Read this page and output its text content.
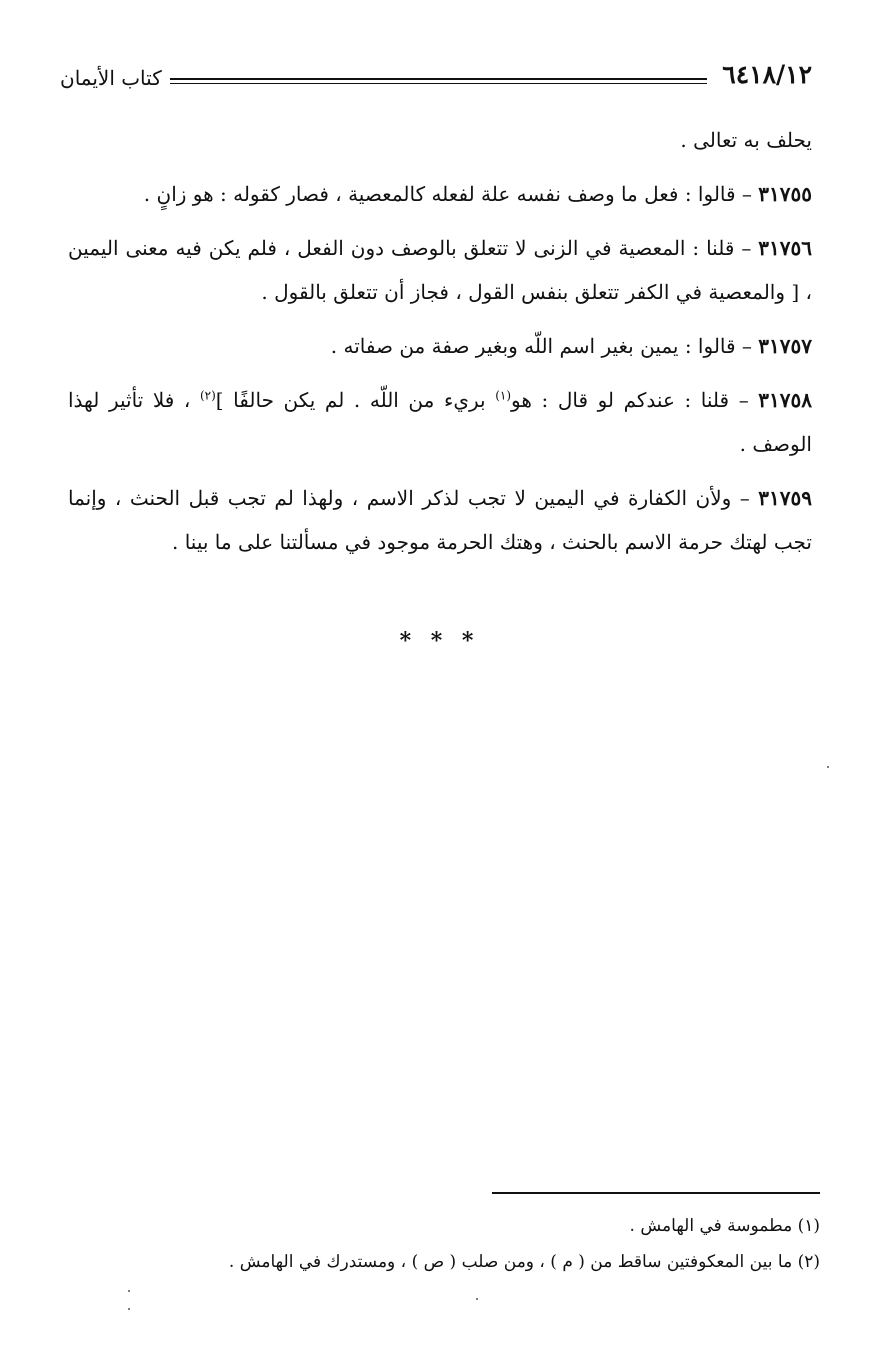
٦٤١٨/١٢
كتاب الأيمان

يحلف به تعالى .

٣١٧٥٥ – قالوا : فعل ما وصف نفسه علة لفعله كالمعصية ، فصار كقوله : هو زانٍ .

٣١٧٥٦ – قلنا : المعصية في الزنى لا تتعلق بالوصف دون الفعل ، فلم يكن فيه معنى اليمين ، [ والمعصية في الكفر تتعلق بنفس القول ، فجاز أن تتعلق بالقول .

٣١٧٥٧ – قالوا : يمين بغير اسم اللّه وبغير صفة من صفاته .

٣١٧٥٨ – قلنا : عندكم لو قال : هو$^{(١)}$ بريء من اللّه . لم يكن حالفًا ]$^{(٢)}$ ، فلا تأثير لهذا الوصف .

٣١٧٥٩ – ولأن الكفارة في اليمين لا تجب لذكر الاسم ، ولهذا لم تجب قبل الحنث ، وإنما تجب لهتك حرمة الاسم بالحنث ، وهتك الحرمة موجود في مسألتنا على ما بينا .

* * *
(١) مطموسة في الهامش .
(٢) ما بين المعكوفتين ساقط من ( م ) ، ومن صلب ( ص ) ، ومستدرك في الهامش .
